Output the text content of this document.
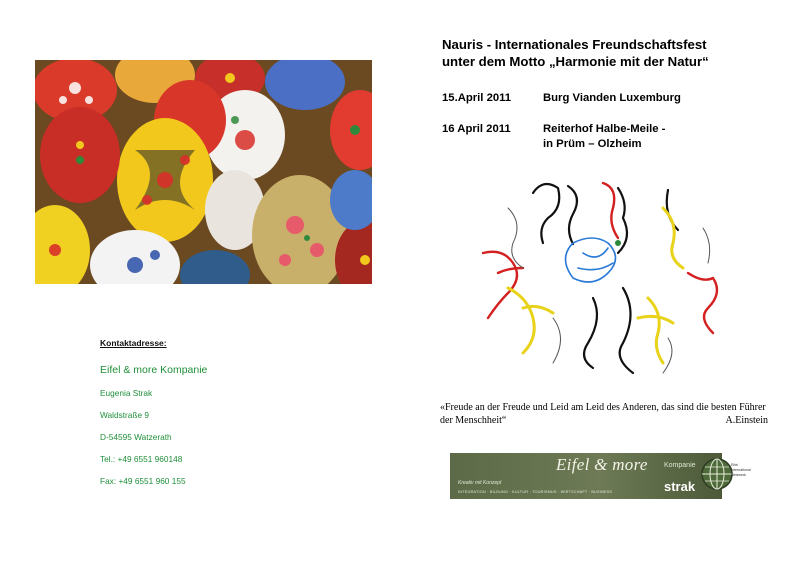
Kontaktadresse:
Eifel & more Kompanie
Eugenia Strak
Waldstraße 9
D-54595 Watzerath
Tel.: +49 6551 960148
Fax: +49 6551 960 155
Nauris - Internationales Freundschaftsfest
unter dem Motto „Harmonie mit der Natur“
15.April 2011	Burg Vianden Luxemburg
16 April 2011	Reiterhof Halbe-Meile -
in Prüm – Olzheim
«Freude an der Freude und Leid am Leid des Anderen, das sind die besten Führer der Menschheit“	A.Einstein
Eifel & more Kompanie
strak
Kreativ mit Konzept
INTEGRATION · BILDUNG · KULTUR · TOURISMUS · WIRTSCHAFT · BUSINESS
Eifel International Netzwerk
